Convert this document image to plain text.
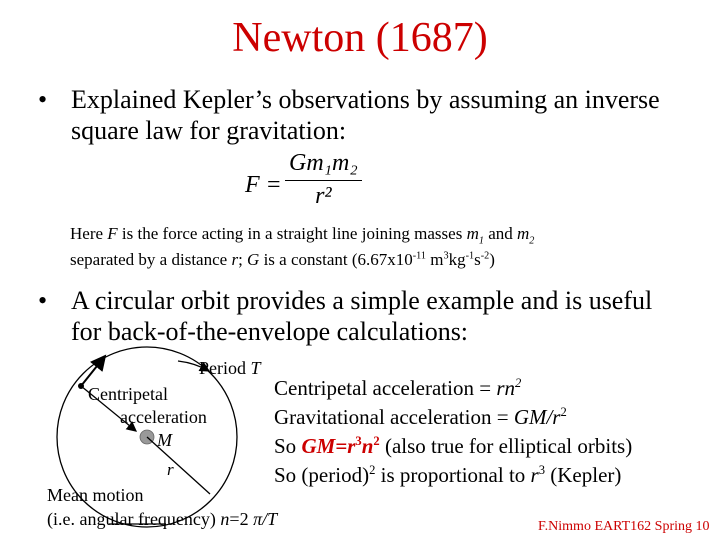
Newton (1687)
• Explained Kepler’s observations by assuming an inverse square law for gravitation:
$F = \frac{\text{Gm₁m₂}}{\text{r²}}$
Here F is the force acting in a straight line joining masses $m_1$ and $m_2$
separated by a distance r; G is a constant ($6.67x10^{-11}$ $m^3kg^{-1}s^{-2}$)
• A circular orbit provides a simple example and is useful for back-of-the-envelope calculations:
Period T
Centripetal
acceleration
M
r
Mean motion
(i.e. angular frequency) n=2 π/T
Centripetal acceleration = $rn^2$
Gravitational acceleration = $GM/r^2$
So $GM=r^3n^2$ (also true for elliptical orbits)
So (period)$^2$ is proportional to $r^3$ (Kepler)
F.Nimmo EART162 Spring 10
